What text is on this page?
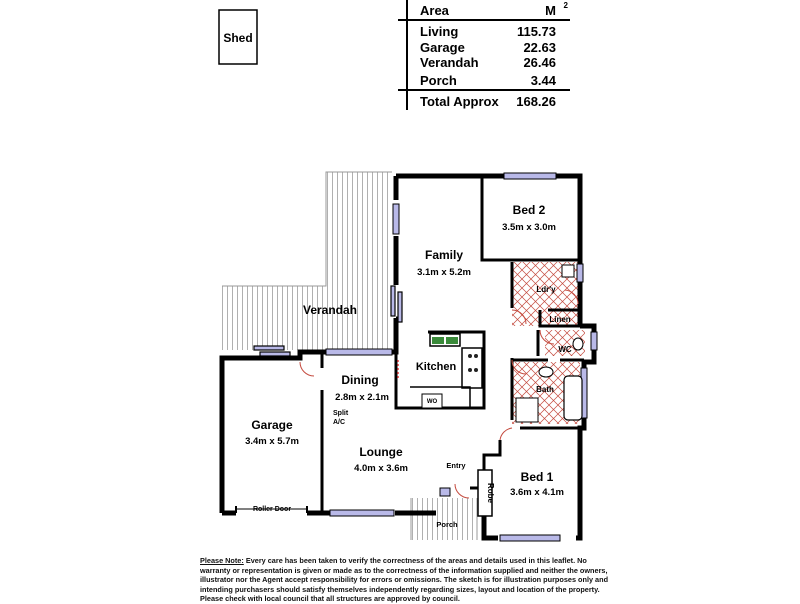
Area	M 2
Living	115.73
Garage	22.63
Verandah	26.46
Porch	3.44
Total Approx 168.26
Shed
Bed 2
3.5m x 3.0m
Family
3.1m x 5.2m
Ldr'y
Linen
WC
Verandah
Kitchen
WO
Dining
2.8m x 2.1m
Bath
Garage
3.4m x 5.7m
Split
A/C
Lounge
4.0m x 3.6m	Entry
Bed 1
3.6m x 4.1m
Robe
Roller Door
Porch
Please Note: Every care has been taken to verify the correctness of the areas and details used in this leaflet. No warranty or representation is given or made as to the correctness of the information supplied and neither the owners, illustrator nor the Agent accept responsibility for errors or omissions. The sketch is for illustration purposes only and intending purchasers should satisfy themselves independently regarding sizes, layout and location of the property. Please check with local council that all structures are approved by council.
